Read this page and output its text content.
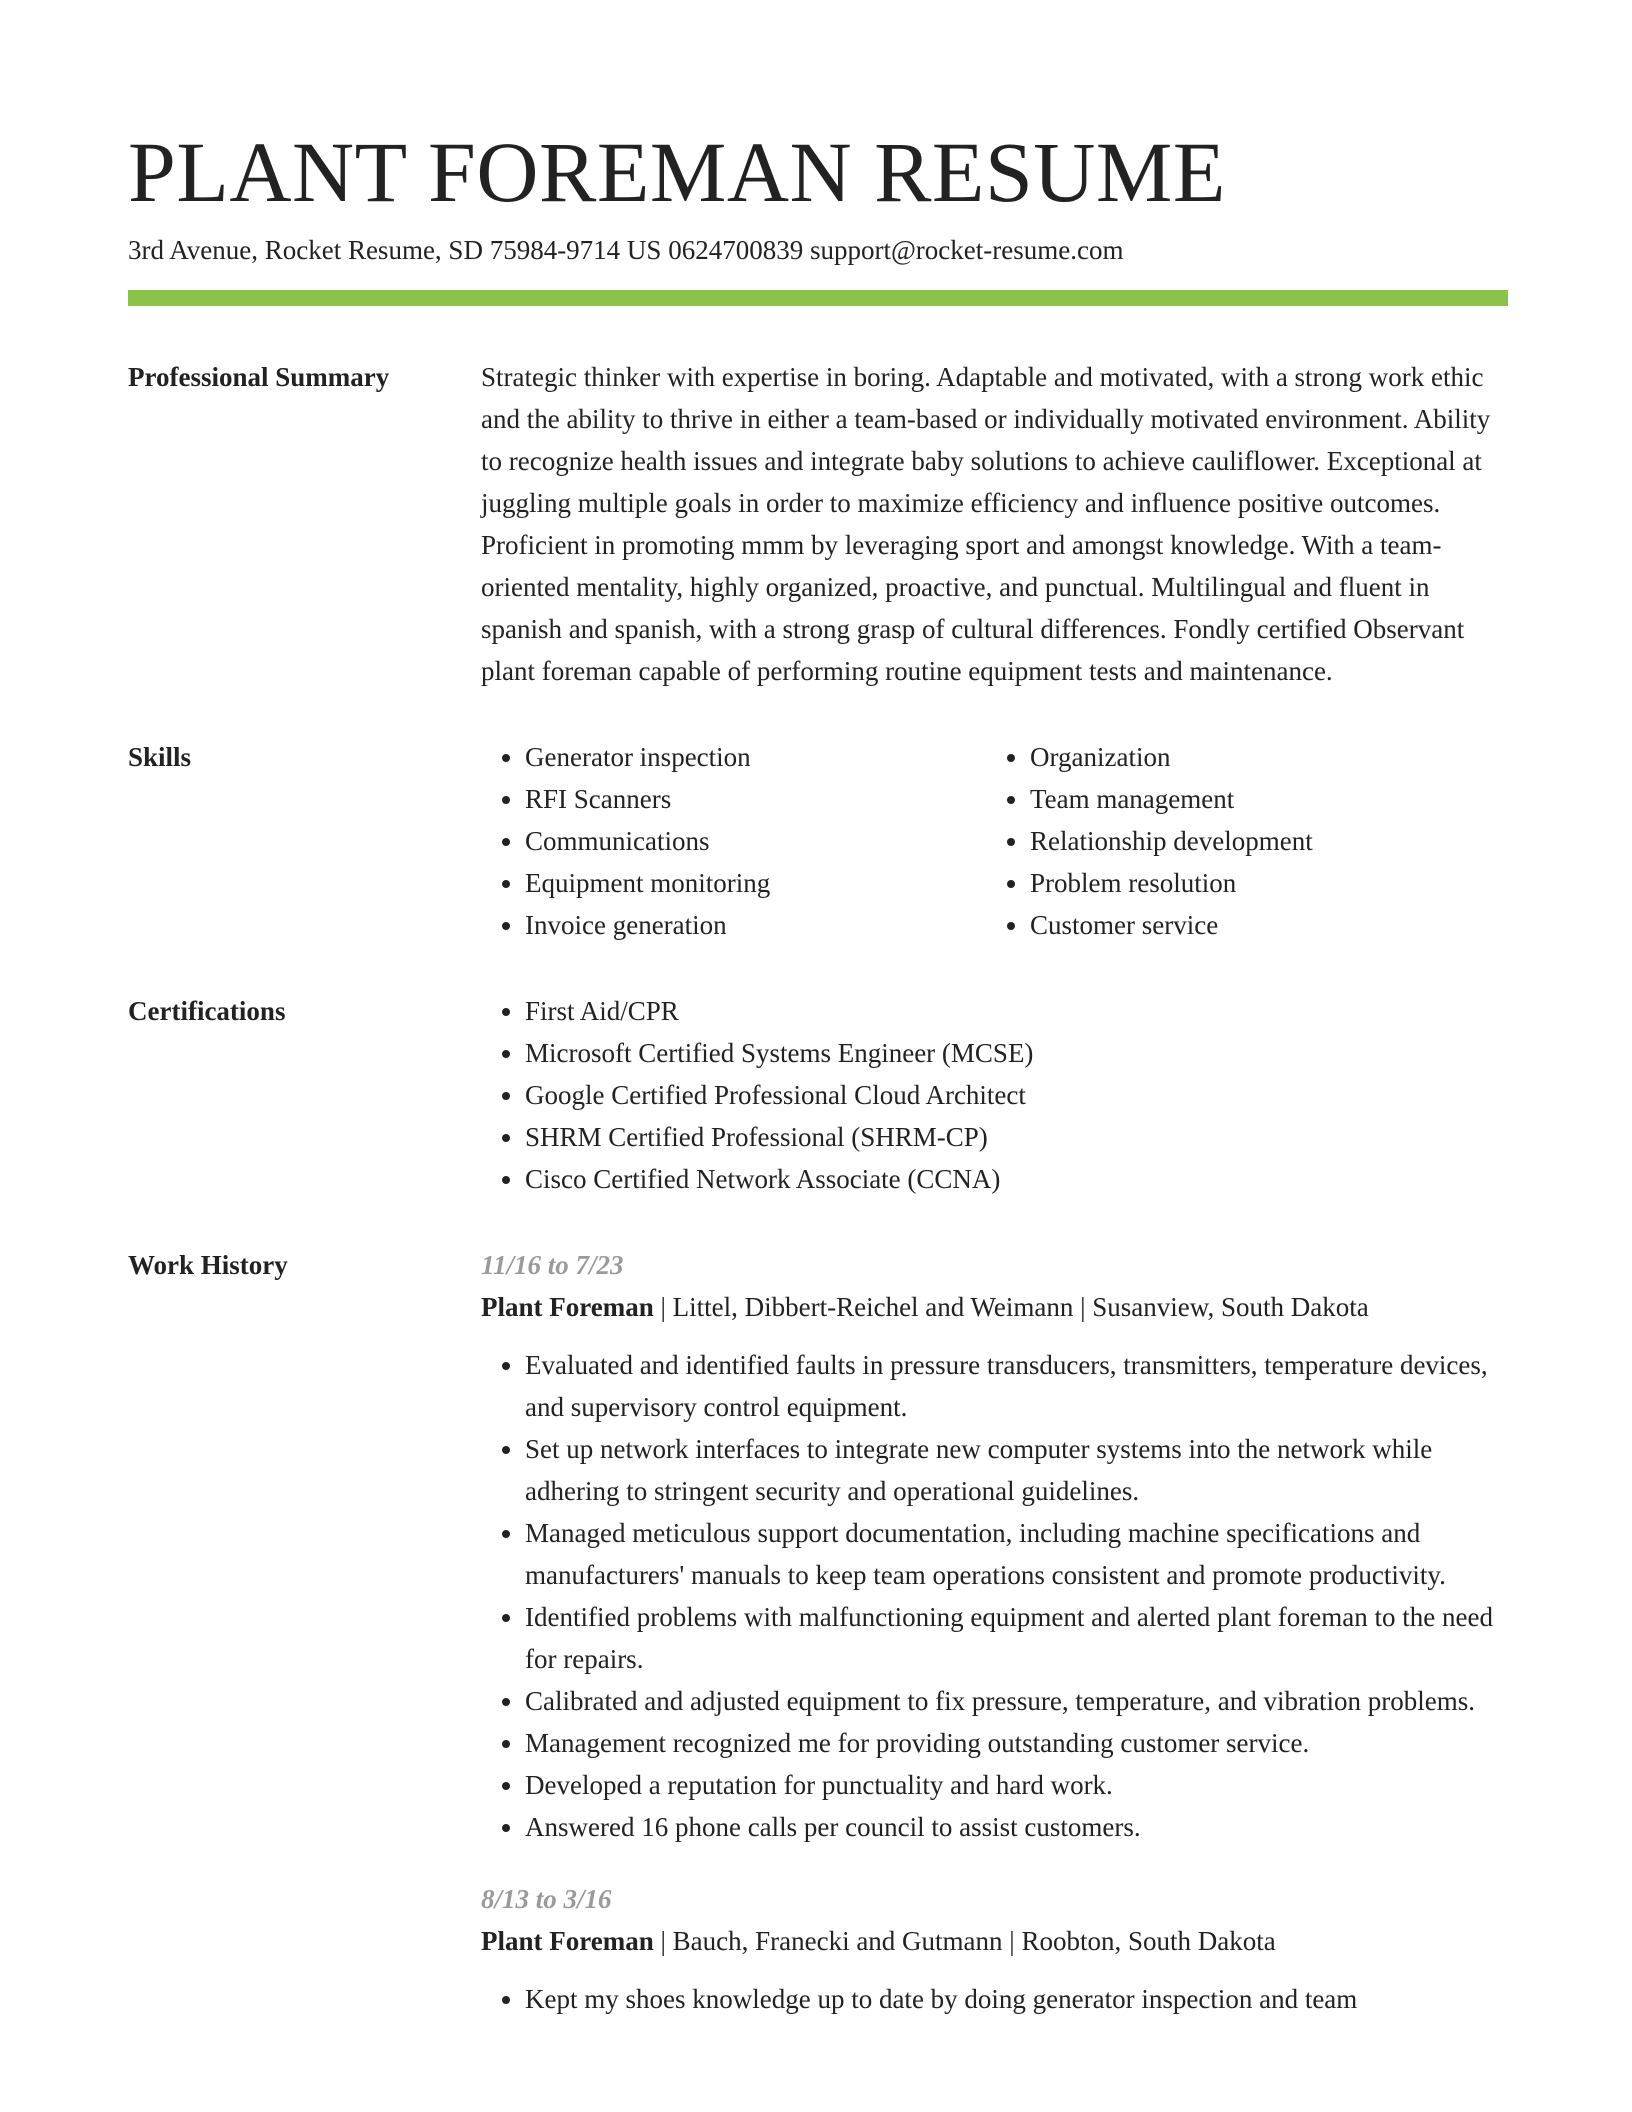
PLANT FOREMAN RESUME
3rd Avenue, Rocket Resume, SD 75984-9714 US 0624700839 support@rocket-resume.com
Professional Summary	Strategic thinker with expertise in boring. Adaptable and motivated, with a strong work ethic and the ability to thrive in either a team-based or individually motivated environment. Ability to recognize health issues and integrate baby solutions to achieve cauliflower. Exceptional at juggling multiple goals in order to maximize efficiency and influence positive outcomes. Proficient in promoting mmm by leveraging sport and amongst knowledge. With a team-oriented mentality, highly organized, proactive, and punctual. Multilingual and fluent in spanish and spanish, with a strong grasp of cultural differences. Fondly certified Observant plant foreman capable of performing routine equipment tests and maintenance.

Skills	• Generator inspection
• RFI Scanners
• Communications
• Equipment monitoring
• Invoice generation
• Organization
• Team management
• Relationship development
• Problem resolution
• Customer service
Certifications	• First Aid/CPR
• Microsoft Certified Systems Engineer (MCSE)
• Google Certified Professional Cloud Architect
• SHRM Certified Professional (SHRM-CP)
• Cisco Certified Network Associate (CCNA)
Work History	11/16 to 7/23
Plant Foreman | Littel, Dibbert-Reichel and Weimann | Susanview, South Dakota
• Evaluated and identified faults in pressure transducers, transmitters, temperature devices, and supervisory control equipment.
• Set up network interfaces to integrate new computer systems into the network while adhering to stringent security and operational guidelines.
• Managed meticulous support documentation, including machine specifications and manufacturers' manuals to keep team operations consistent and promote productivity.
• Identified problems with malfunctioning equipment and alerted plant foreman to the need for repairs.
• Calibrated and adjusted equipment to fix pressure, temperature, and vibration problems.
• Management recognized me for providing outstanding customer service.
• Developed a reputation for punctuality and hard work.
• Answered 16 phone calls per council to assist customers.
8/13 to 3/16
Plant Foreman | Bauch, Franecki and Gutmann | Roobton, South Dakota
• Kept my shoes knowledge up to date by doing generator inspection and team
